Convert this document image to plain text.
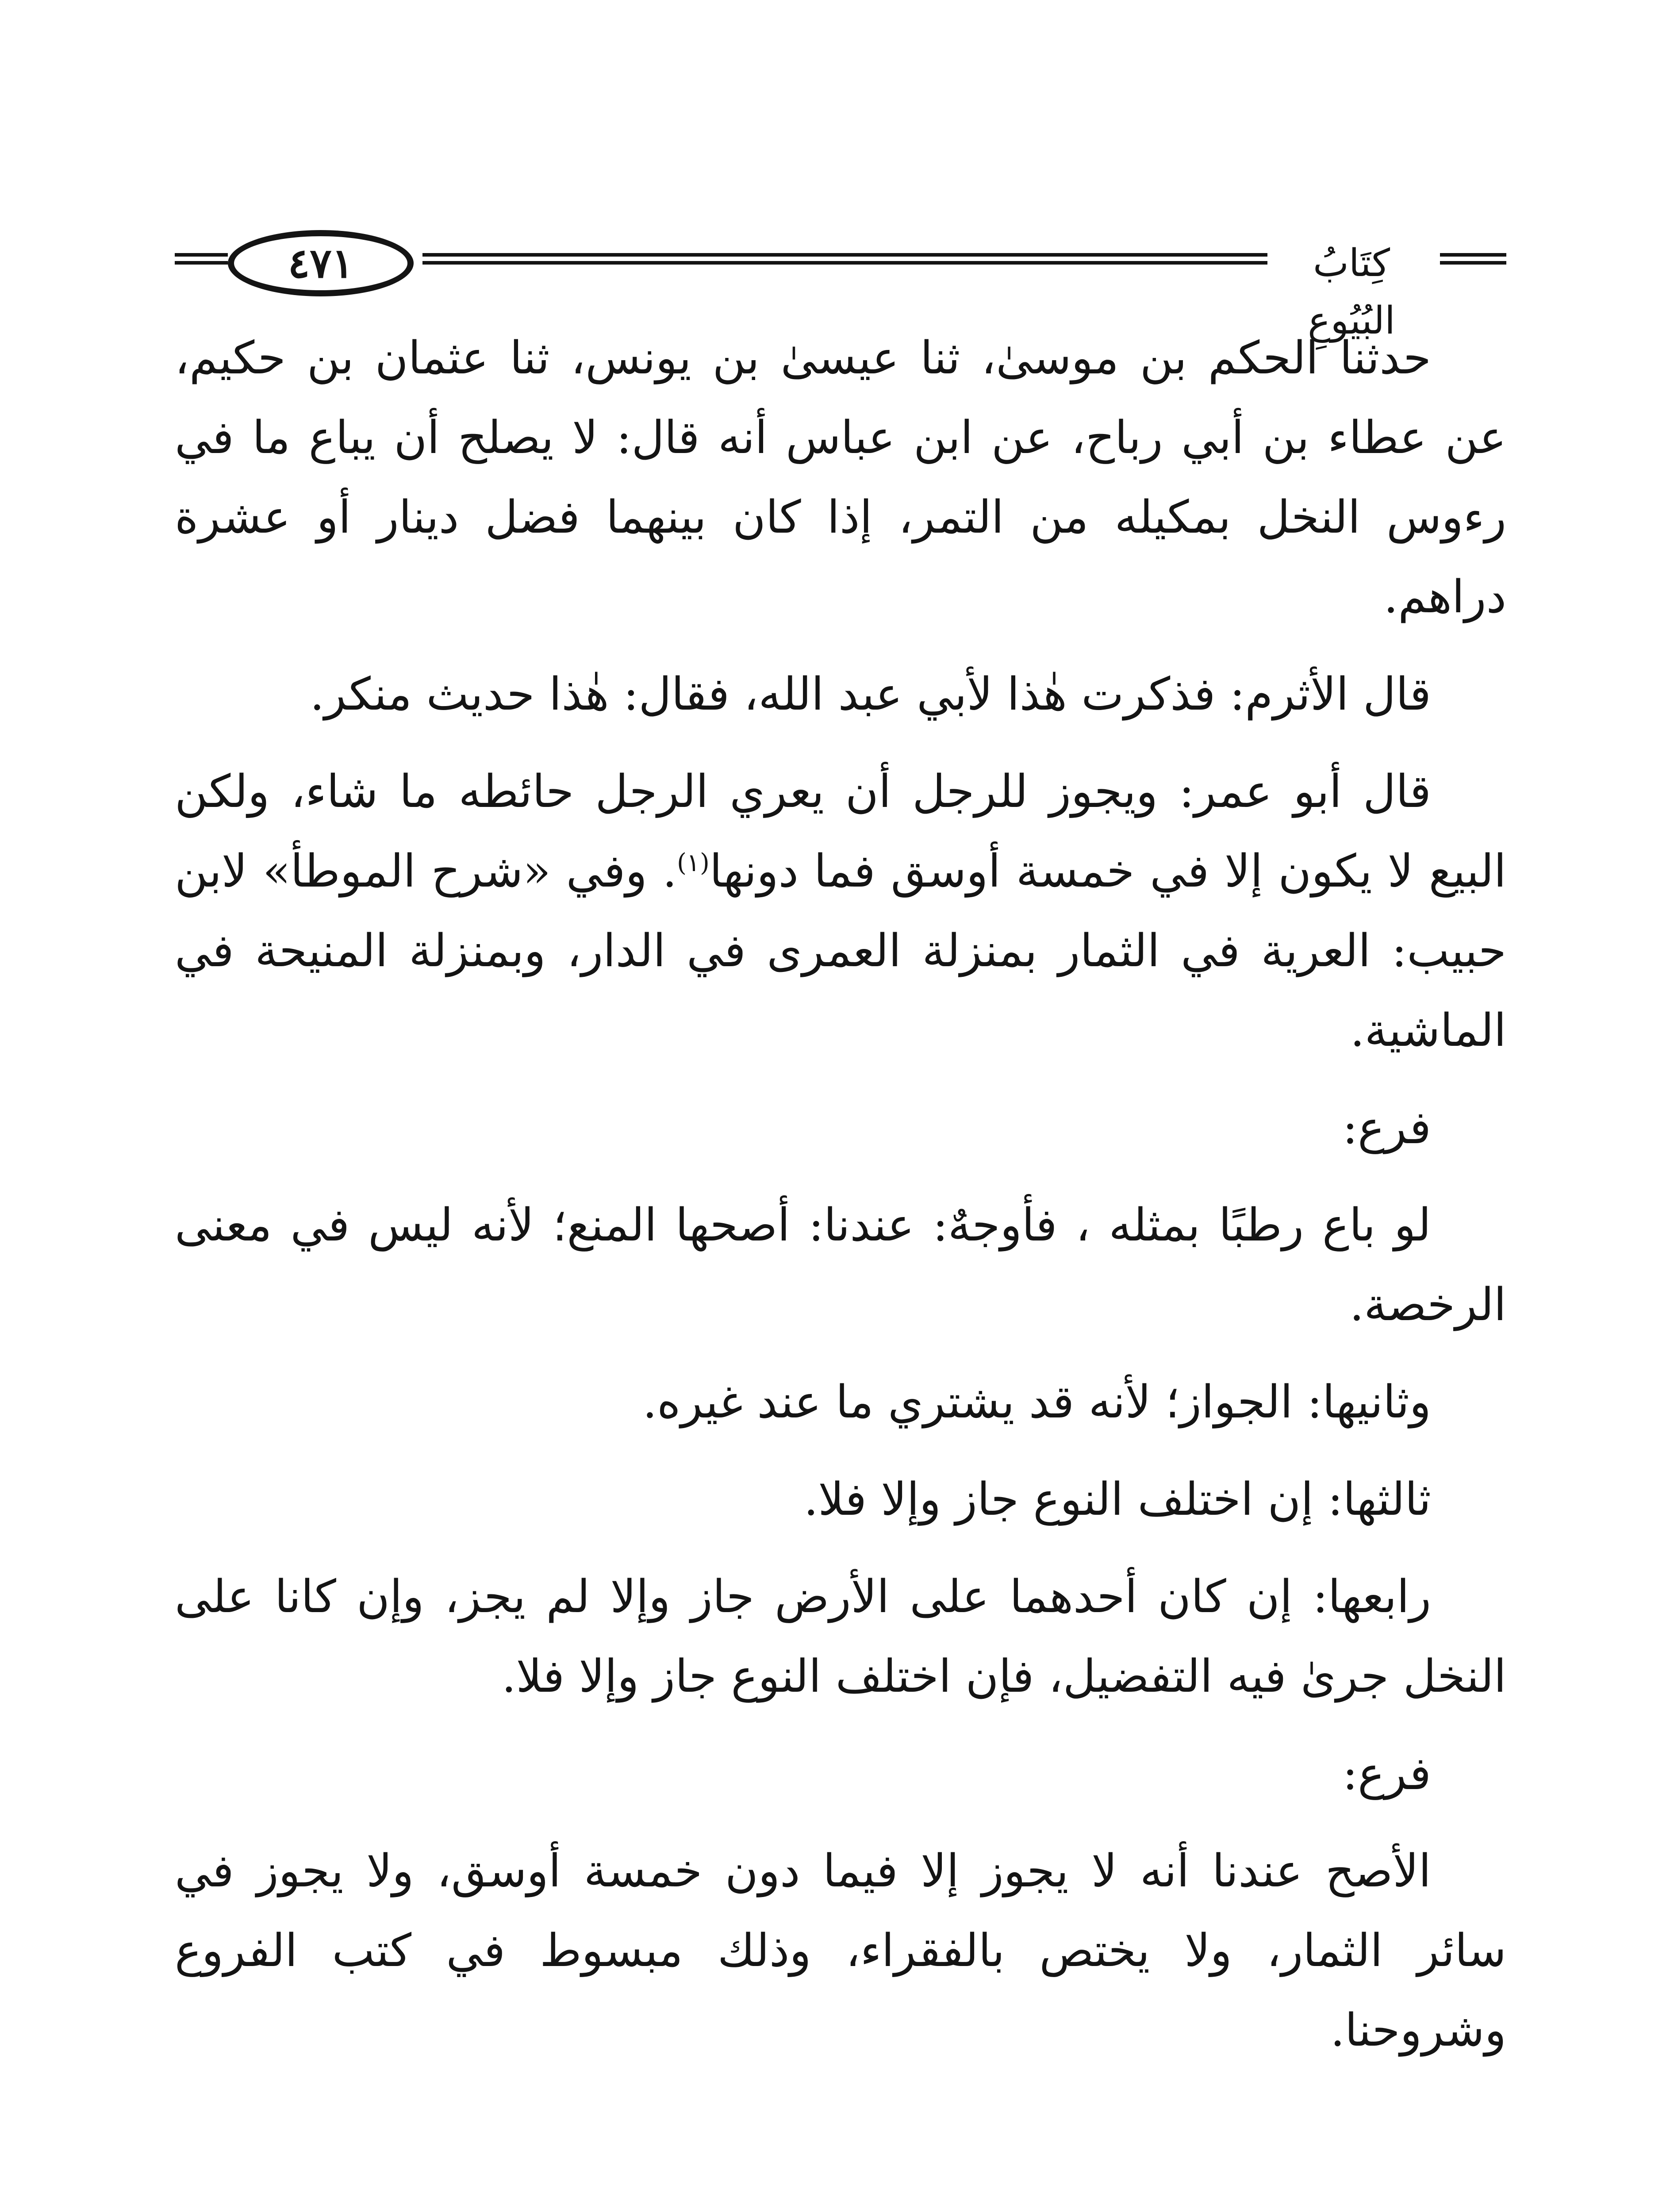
٤٧١	كِتَابُ البُيُوعِ

حدثنا الحكم بن موسىٰ، ثنا عيسىٰ بن يونس، ثنا عثمان بن حكيم، عن عطاء بن أبي رباح، عن ابن عباس أنه قال: لا يصلح أن يباع ما في رءوس النخل بمكيله من التمر، إذا كان بينهما فضل دينار أو عشرة دراهم.

قال الأثرم: فذكرت هٰذا لأبي عبد الله، فقال: هٰذا حديث منكر.

قال أبو عمر: ويجوز للرجل أن يعري الرجل حائطه ما شاء، ولكن البيع لا يكون إلا في خمسة أوسق فما دونها$^{(١)}$. وفي «شرح الموطأ» لابن حبيب: العرية في الثمار بمنزلة العمرى في الدار، وبمنزلة المنيحة في الماشية.

فرع:

لو باع رطبًا بمثله ، فأوجهٌ: عندنا: أصحها المنع؛ لأنه ليس في معنى الرخصة.

وثانيها: الجواز؛ لأنه قد يشتري ما عند غيره.

ثالثها: إن اختلف النوع جاز وإلا فلا.

رابعها: إن كان أحدهما على الأرض جاز وإلا لم يجز، وإن كانا على النخل جرىٰ فيه التفضيل، فإن اختلف النوع جاز وإلا فلا.

فرع:

الأصح عندنا أنه لا يجوز إلا فيما دون خمسة أوسق، ولا يجوز في سائر الثمار، ولا يختص بالفقراء، وذلك مبسوط في كتب الفروع وشروحنا.
